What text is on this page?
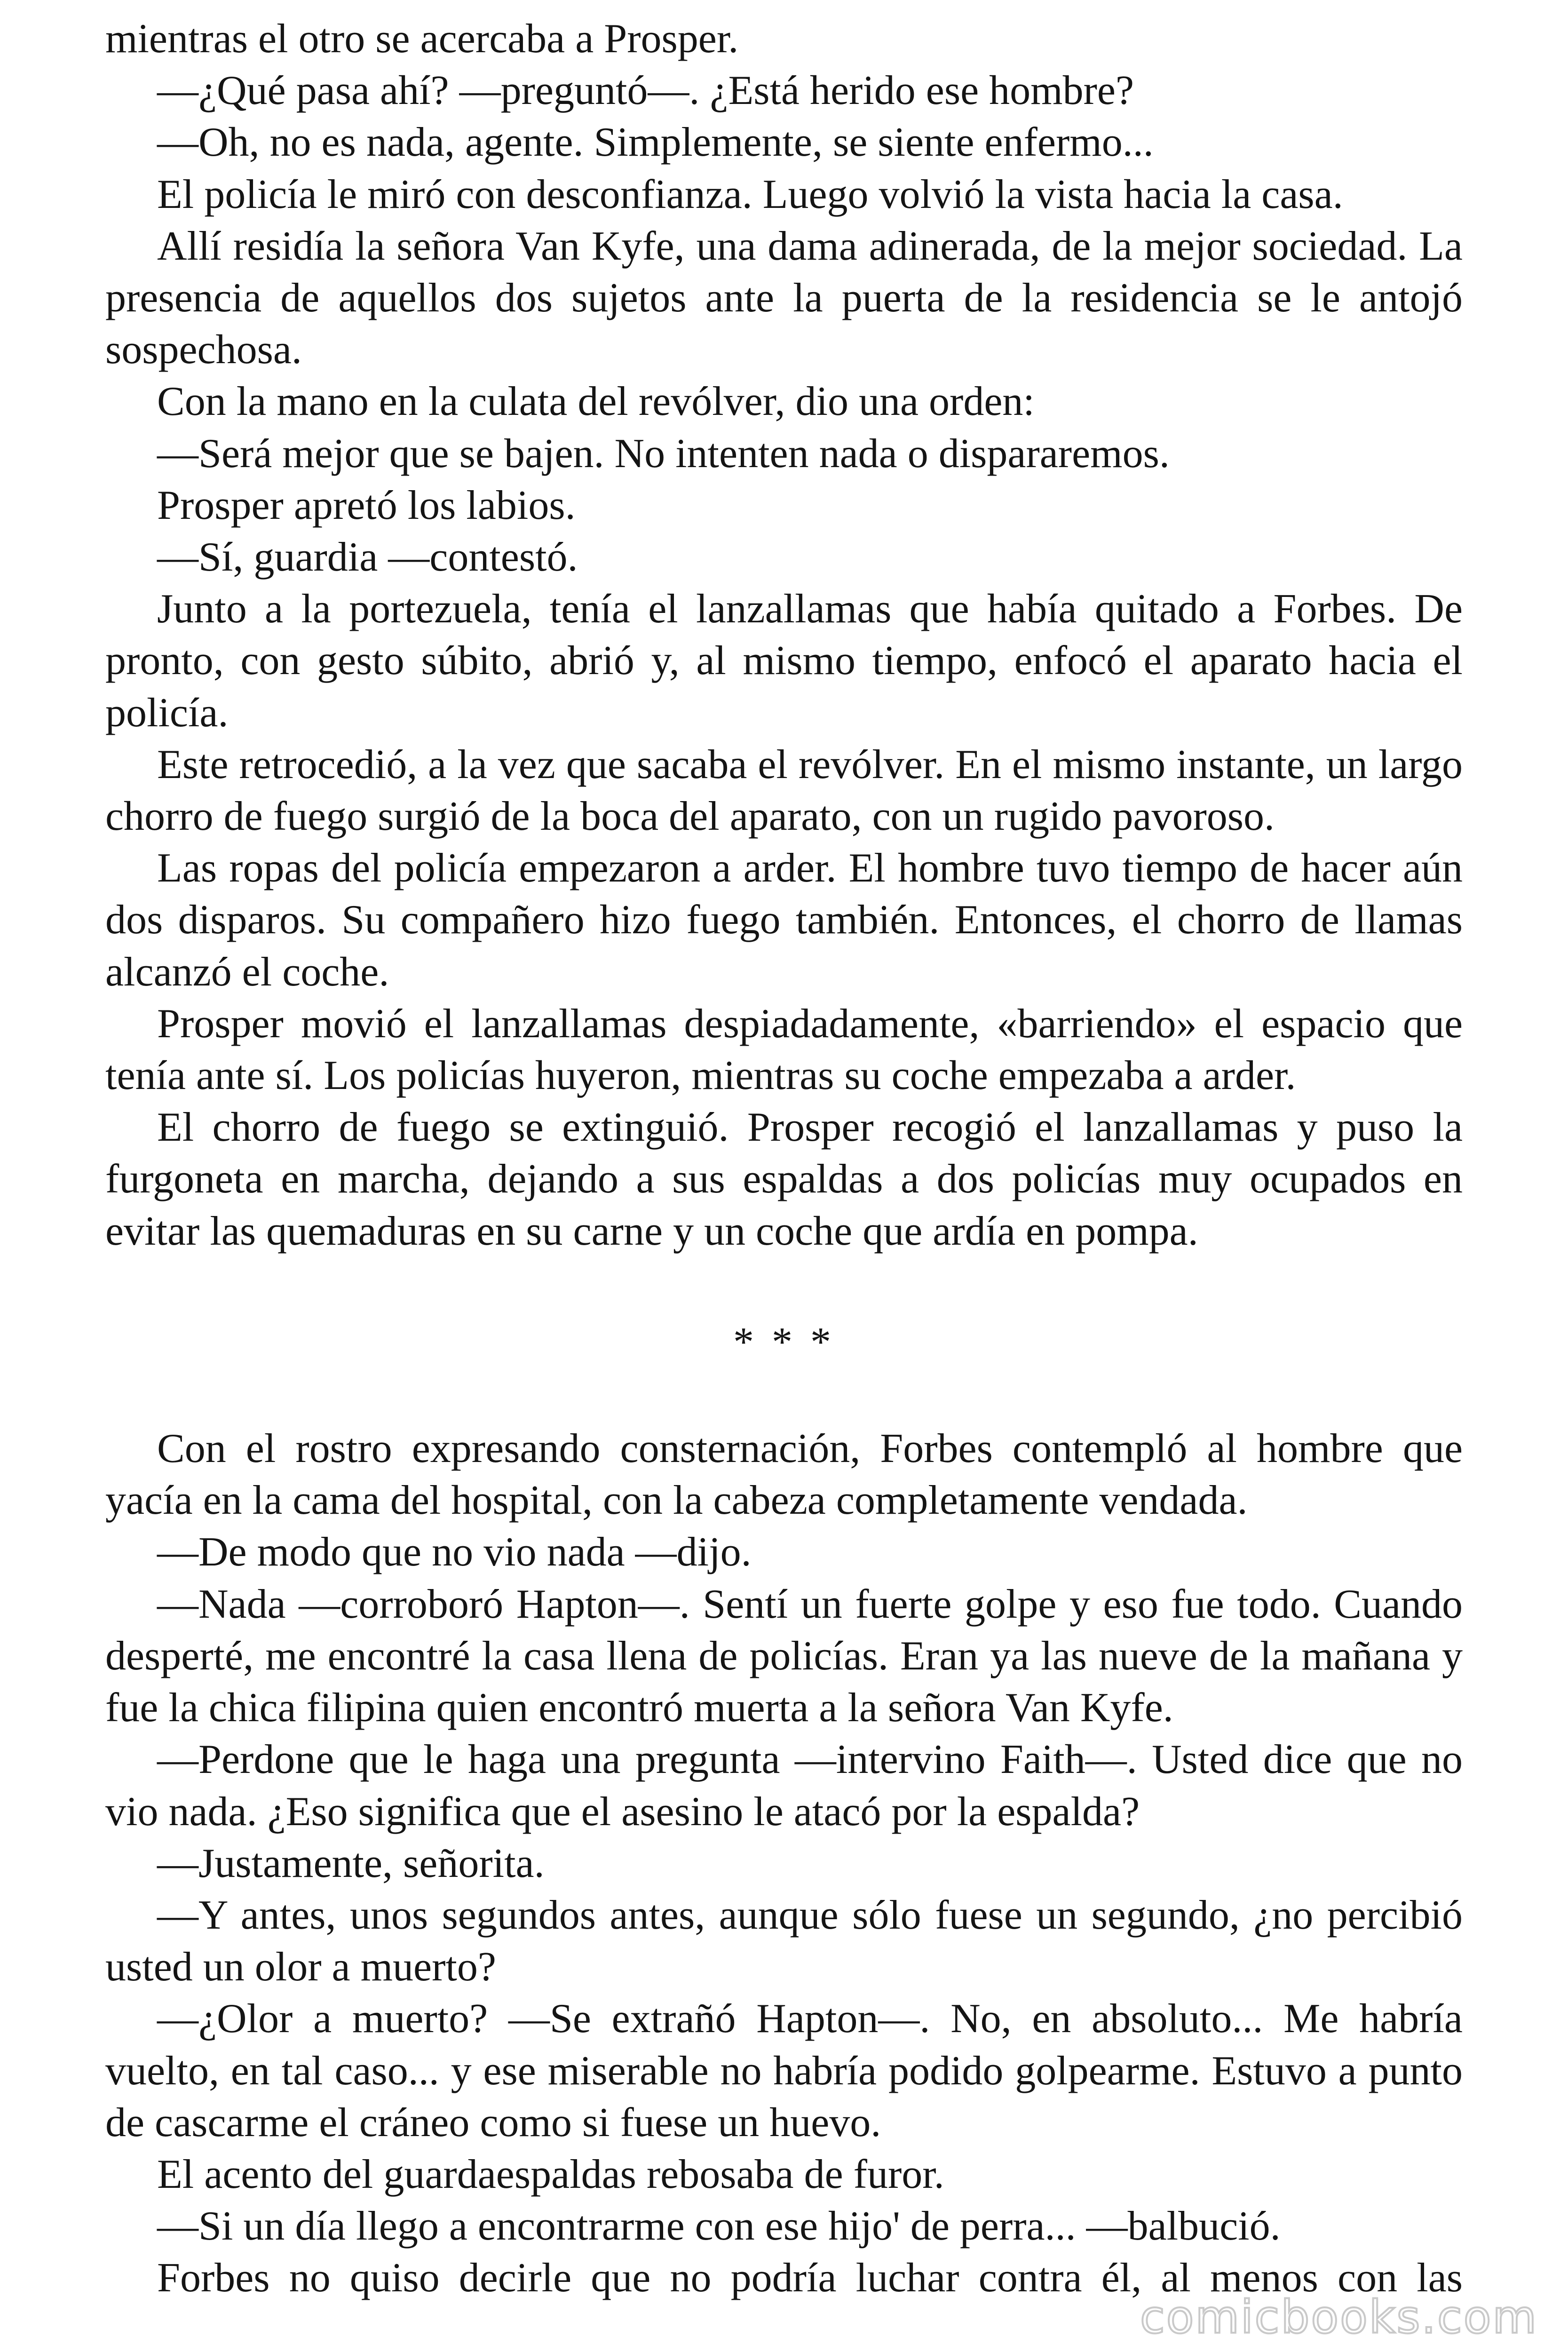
mientras el otro se acercaba a Prosper.

—¿Qué pasa ahí? —preguntó—. ¿Está herido ese hombre?

—Oh, no es nada, agente. Simplemente, se siente enfermo...

El policía le miró con desconfianza. Luego volvió la vista hacia la casa.

Allí residía la señora Van Kyfe, una dama adinerada, de la mejor sociedad. La presencia de aquellos dos sujetos ante la puerta de la residencia se le antojó sospechosa.

Con la mano en la culata del revólver, dio una orden:

—Será mejor que se bajen. No intenten nada o dispararemos.

Prosper apretó los labios.

—Sí, guardia —contestó.

Junto a la portezuela, tenía el lanzallamas que había quitado a Forbes. De pronto, con gesto súbito, abrió y, al mismo tiempo, enfocó el aparato hacia el policía.

Este retrocedió, a la vez que sacaba el revólver. En el mismo instante, un largo chorro de fuego surgió de la boca del aparato, con un rugido pavoroso.

Las ropas del policía empezaron a arder. El hombre tuvo tiempo de hacer aún dos disparos. Su compañero hizo fuego también. Entonces, el chorro de llamas alcanzó el coche.

Prosper movió el lanzallamas despiadadamente, «barriendo» el espacio que tenía ante sí. Los policías huyeron, mientras su coche empezaba a arder.

El chorro de fuego se extinguió. Prosper recogió el lanzallamas y puso la furgoneta en marcha, dejando a sus espaldas a dos policías muy ocupados en evitar las quemaduras en su carne y un coche que ardía en pompa.

* * *

Con el rostro expresando consternación, Forbes contempló al hombre que yacía en la cama del hospital, con la cabeza completamente vendada.

—De modo que no vio nada —dijo.

—Nada —corroboró Hapton—. Sentí un fuerte golpe y eso fue todo. Cuando desperté, me encontré la casa llena de policías. Eran ya las nueve de la mañana y fue la chica filipina quien encontró muerta a la señora Van Kyfe.

—Perdone que le haga una pregunta —intervino Faith—. Usted dice que no vio nada. ¿Eso significa que el asesino le atacó por la espalda?

—Justamente, señorita.

—Y antes, unos segundos antes, aunque sólo fuese un segundo, ¿no percibió usted un olor a muerto?

—¿Olor a muerto? —Se extrañó Hapton—. No, en absoluto... Me habría vuelto, en tal caso... y ese miserable no habría podido golpearme. Estuvo a punto de cascarme el cráneo como si fuese un huevo.

El acento del guardaespaldas rebosaba de furor.

—Si un día llego a encontrarme con ese hijo' de perra... —balbució.

Forbes no quiso decirle que no podría luchar contra él, al menos con las

comicbooks.com
